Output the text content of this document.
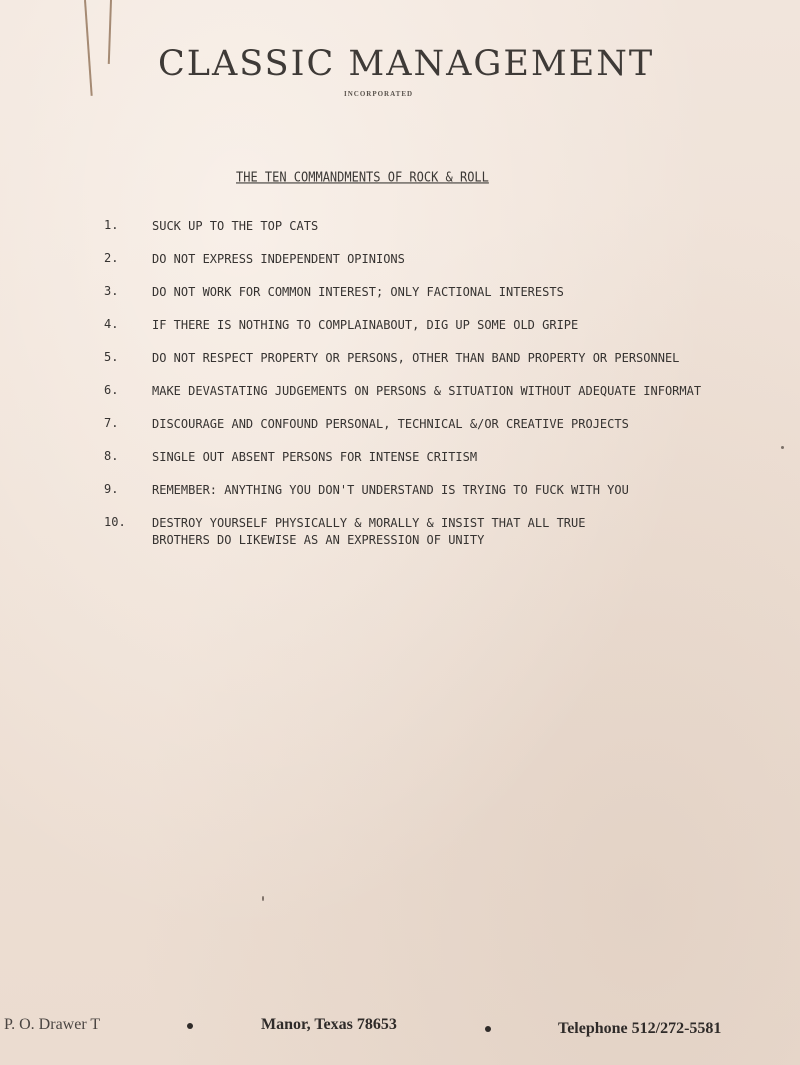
CLASSIC MANAGEMENT
INCORPORATED
THE TEN COMMANDMENTS OF ROCK & ROLL
1.	SUCK UP TO THE TOP CATS
2.	DO NOT EXPRESS INDEPENDENT OPINIONS
3.	DO NOT WORK FOR COMMON INTEREST; ONLY FACTIONAL INTERESTS
4.	IF THERE IS NOTHING TO COMPLAINABOUT, DIG UP SOME OLD GRIPE
5.	DO NOT RESPECT PROPERTY OR PERSONS, OTHER THAN BAND PROPERTY OR PERSONNEL
6.	MAKE DEVASTATING JUDGEMENTS ON PERSONS & SITUATION WITHOUT ADEQUATE INFORMAT
7.	DISCOURAGE AND CONFOUND PERSONAL, TECHNICAL &/OR CREATIVE PROJECTS
8.	SINGLE OUT ABSENT PERSONS FOR INTENSE CRITISM
9.	REMEMBER: ANYTHING YOU DON'T UNDERSTAND IS TRYING TO FUCK WITH YOU
10. DESTROY YOURSELF PHYSICALLY & MORALLY & INSIST THAT ALL TRUE
BROTHERS DO LIKEWISE AS AN EXPRESSION OF UNITY
P. O. Drawer T	Manor, Texas 78653	Telephone 512/272-5581
